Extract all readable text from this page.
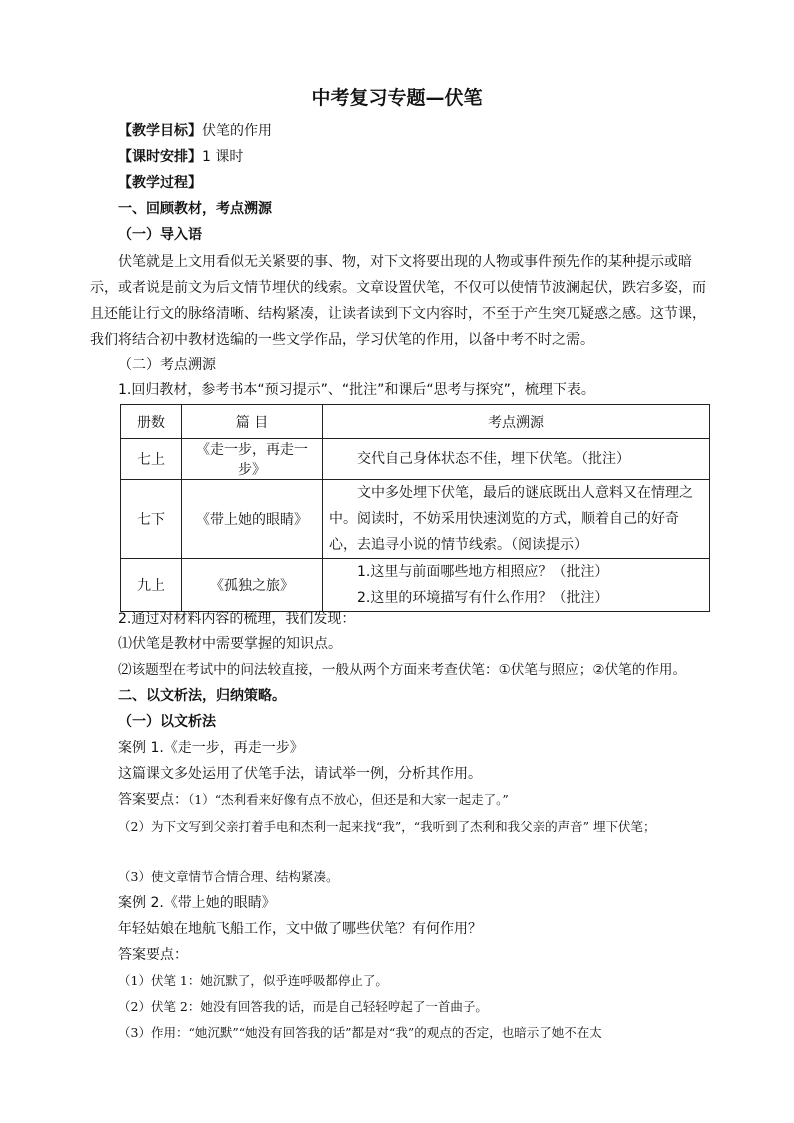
中考复习专题—伏笔
【教学目标】伏笔的作用
【课时安排】1 课时
【教学过程】
一、回顾教材，考点溯源
（一）导入语
伏笔就是上文用看似无关紧要的事、物，对下文将要出现的人物或事件预先作的某种提示或暗示，或者说是前文为后文情节埋伏的线索。文章设置伏笔，不仅可以使情节波澜起伏，跌宕多姿，而且还能让行文的脉络清晰、结构紧凑，让读者读到下文内容时，不至于产生突兀疑惑之感。这节课，我们将结合初中教材选编的一些文学作品，学习伏笔的作用，以备中考不时之需。
（二）考点溯源
1.回归教材，参考书本“预习提示”、“批注”和课后“思考与探究”，梳理下表。
册数	篇 目	考点溯源
七上	《走一步，再走一步》	交代自己身体状态不佳，埋下伏笔。（批注）

七下	《带上她的眼睛》	文中多处埋下伏笔，最后的谜底既出人意料又在情理之中。阅读时，不妨采用快速浏览的方式，顺着自己的好奇心，去追寻小说的情节线索。（阅读提示）

九上	《孤独之旅》	1.这里与前面哪些地方相照应？（批注）
2.这里的环境描写有什么作用？（批注）
2.通过对材料内容的梳理，我们发现：
⑴伏笔是教材中需要掌握的知识点。
⑵该题型在考试中的问法较直接，一般从两个方面来考查伏笔：①伏笔与照应；②伏笔的作用。
二、以文析法，归纳策略。
（一）以文析法
案例 1.《走一步，再走一步》
这篇课文多处运用了伏笔手法，请试举一例，分析其作用。
答案要点：（1）“杰利看来好像有点不放心，但还是和大家一起走了。”
（2）为下文写到父亲打着手电和杰利一起来找“我”，“我听到了杰利和我父亲的声音” 埋下伏笔；
（3）使文章情节合情合理、结构紧凑。
案例 2.《带上她的眼睛》
年轻姑娘在地航飞船工作，文中做了哪些伏笔？有何作用？
答案要点：
（1）伏笔 1：她沉默了，似乎连呼吸都停止了。
（2）伏笔 2：她没有回答我的话，而是自己轻轻哼起了一首曲子。
（3）作用：“她沉默”“她没有回答我的话”都是对“我”的观点的否定，也暗示了她不在太
